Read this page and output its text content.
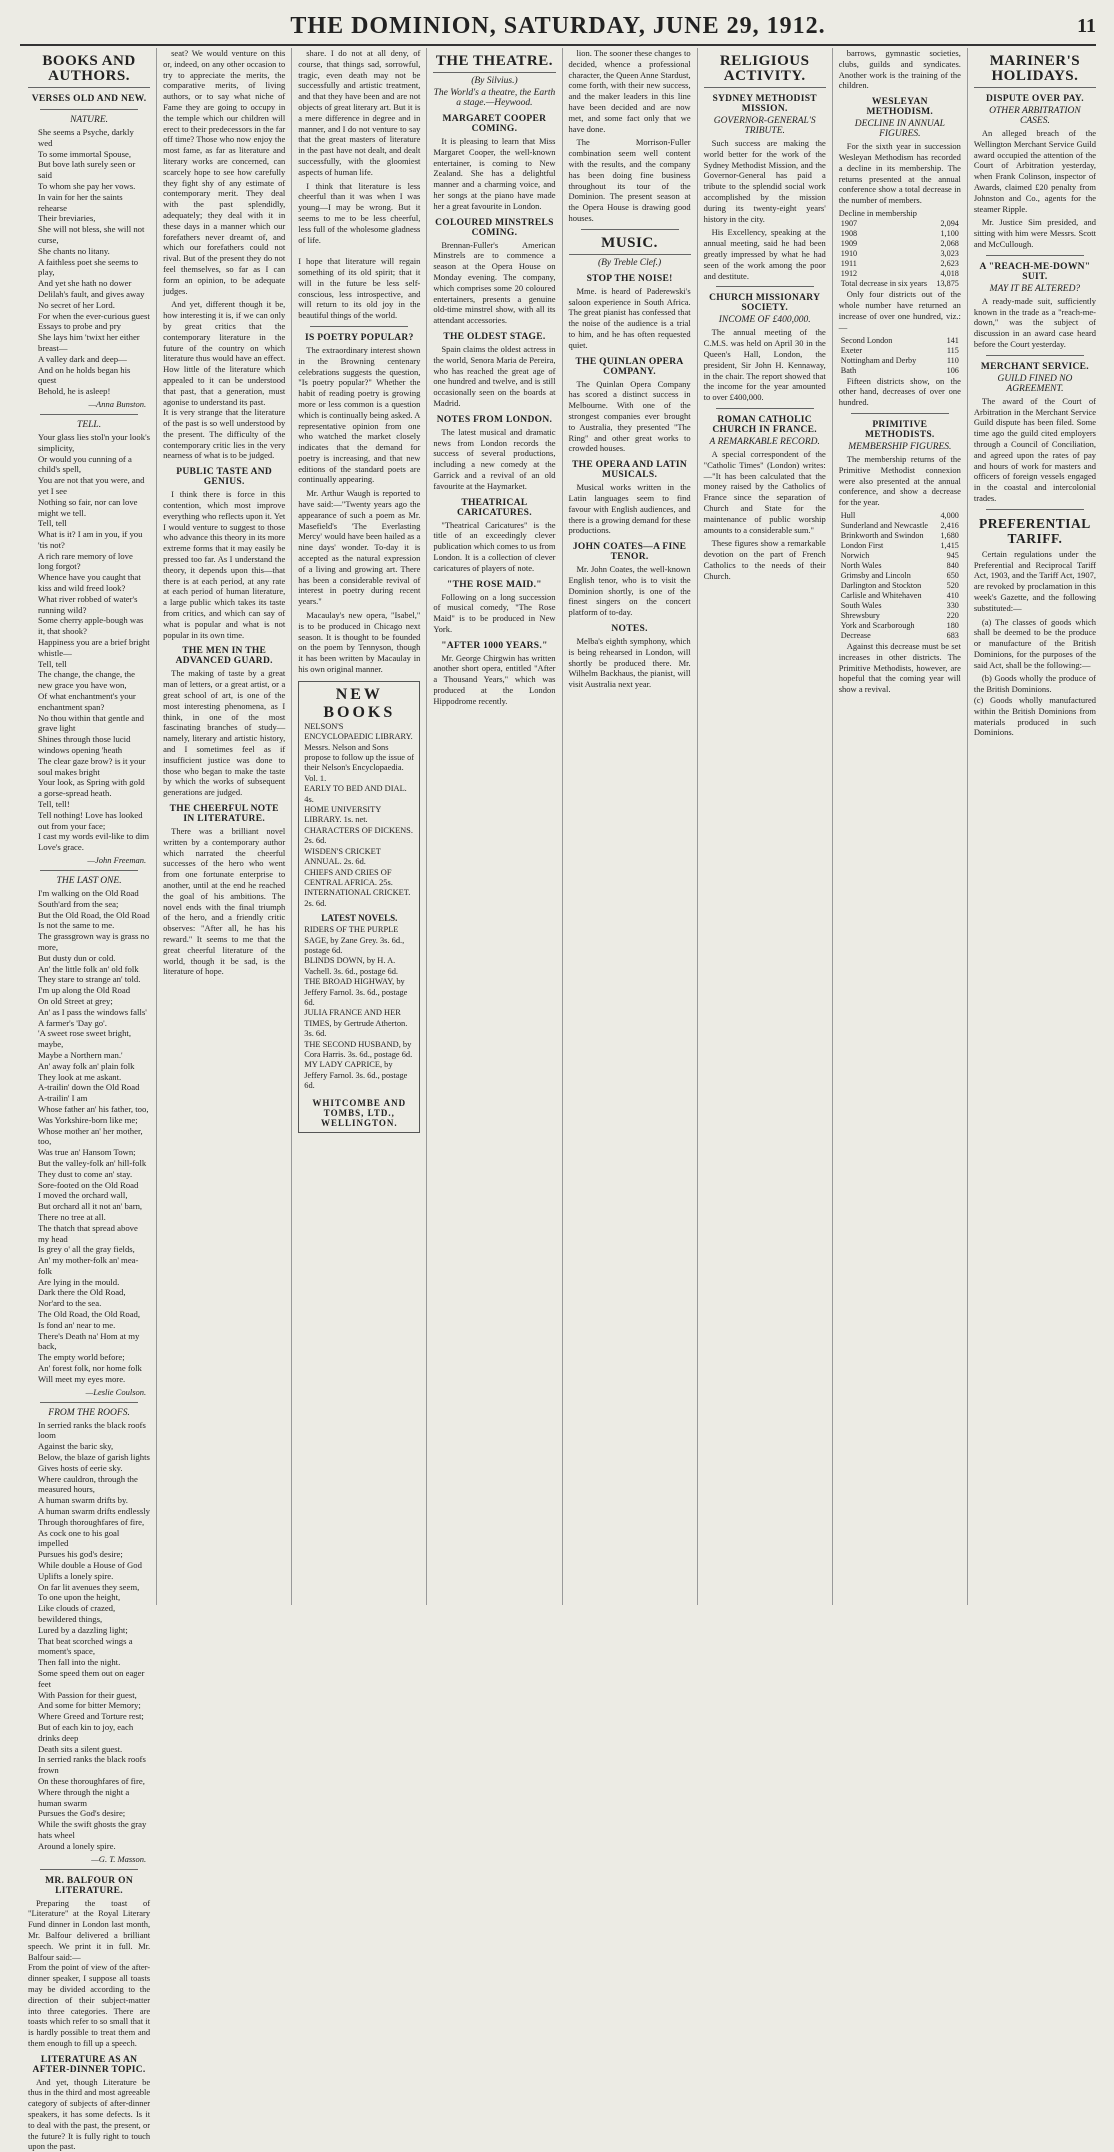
THE DOMINION, SATURDAY, JUNE 29, 1912.	11
BOOKS AND AUTHORS.
VERSES OLD AND NEW.
NATURE.
She seems a Psyche, darkly wed
To some immortal Spouse,
But bove lath surely seen or said
To whom she pay her vows.
In vain for her the saints rehearse
Their breviaries,
She will not bless, she will not curse,
She chants no litany.
A faithless poet she seems to play,
And yet she hath no dower
Delilah's fault, and gives away
No secret of her Lord.
For when the ever-curious guest
Essays to probe and pry
She lays him 'twixt her either breast—
A valley dark and deep—
And on he holds began his quest
Behold, he is asleep!
—Anna Bunston.
TELL.
Your glass lies stol'n your look's simplicity,
Or would you cunning of a child's spell,
You are not that you were, and yet I see
Nothing so fair, nor can love might we tell.
Tell, tell
What is it? I am in you, if you 'tis not?
A rich rare memory of love long forgot?
Whence have you caught that kiss and wild freed look?
What river robbed of water's running wild?
Some cherry apple-bough was it, that shook?
Happiness you are a brief bright whistle—
Tell, tell
The change, the change, the new grace you have won,
Of what enchantment's your enchantment span?
No thou within that gentle and grave light
Shines through those lucid windows opening 'heath
The clear gaze brow? is it your soul makes bright
Your look, as Spring with gold a gorse-spread heath.
Tell, tell!
Tell nothing! Love has looked out from your face;
I cast my words evil-like to dim Love's grace.
—John Freeman.
THE LAST ONE.
I'm walking on the Old Road
South'ard from the sea;
But the Old Road, the Old Road
Is not the same to me.
The grassgrown way is grass no more,
But dusty dun or cold.
An' the little folk an' old folk
They stare to strange an' told.
I'm up along the Old Road
On old Street at grey;
An' as I pass the windows falls'
A farmer's 'Day go'.
'A sweet rose sweet bright, maybe,
Maybe a Northern man.'
An' away folk an' plain folk
They look at me askant.
A-trailin' down the Old Road
A-trailin' I am
Whose father an' his father, too,
Was Yorkshire-born like me;
Whose mother an' her mother, too,
Was true an' Hansom Town;
But the valley-folk an' hill-folk
They dust to come an' stay.
Sore-footed on the Old Road
I moved the orchard wall,
But orchard all it not an' barn,
There no tree at all.
The thatch that spread above my head
Is grey o' all the gray fields,
An' my mother-folk an' mea-folk
Are lying in the mould.
Dark there the Old Road,
Nor'ard to the sea.
The Old Road, the Old Road,
Is fond an' near to me.
There's Death na' Hom at my back,
The empty world before;
An' forest folk, nor home folk
Will meet my eyes more.
—Leslie Coulson.
FROM THE ROOFS.
In serried ranks the black roofs loom
Against the baric sky,
Below, the blaze of garish lights
Gives hosts of eerie sky.
Where cauldron, through the measured hours,
A human swarm drifts by.
A human swarm drifts endlessly
Through thoroughfares of fire,
As cock one to his goal impelled
Pursues his god's desire;
While double a House of God
Uplifts a lonely spire.
On far lit avenues they seem,
To one upon the height,
Like clouds of crazed, bewildered things,
Lured by a dazzling light;
That beat scorched wings a moment's space,
Then fall into the night.
Some speed them out on eager feet
With Passion for their guest,
And some for bitter Memory;
Where Greed and Torture rest;
But of each kin to joy, each drinks deep
Death sits a silent guest.
In serried ranks the black roofs frown
On these thoroughfares of fire,
Where through the night a human swarm
Pursues the God's desire;
While the swift ghosts the gray hats wheel
Around a lonely spire.
—G. T. Masson.
MR. BALFOUR ON LITERATURE.
Preparing the toast of "Literature" at the Royal Literary Fund dinner in London last month, Mr. Balfour delivered a brilliant speech. We print it in full. Mr. Balfour said:—
From the point of view of the after-dinner speaker, I suppose all toasts may be divided according to the direction of their subject-matter into three categories. There are toasts which refer to so small that it is hardly possible to treat them and them enough to fill up a speech.
LITERATURE AS AN AFTER-DINNER TOPIC.
And yet, though Literature be thus in the third and most agreeable category of subjects of after-dinner speakers, it has some defects. Is it to deal with the past, the present, or the future? It is fully right to touch upon the past.
seat? We would venture on this or, indeed, on any other occasion to try to appreciate the merits, the comparative merits, of living authors, or to say what niche of Fame they are going to occupy in the temple which our children will erect to their predecessors in the far off time? Those who now enjoy the most fame, as far as literature and literary works are concerned, can scarcely hope to see how carefully they fight shy of any estimate of contemporary merit. They deal with the past splendidly, adequately; they deal with it in these days in a manner which our forefathers never dreamt of, and which our forefathers could not rival. But of the present they do not feel themselves, so far as I can form an opinion, to be adequate judges.
And yet, different though it be, how interesting it is, if we can only by great critics that the contemporary literature in the future of the country on which literature thus would have an effect. How little of the literature which appealed to it can be understood that past, that a generation, must agonise to understand its past.
It is very strange that the literature of the past is so well understood by the present. The difficulty of the contemporary critic lies in the very nearness of what is to be judged.
PUBLIC TASTE AND GENIUS.
I think there is force in this contention, which most improve everything who reflects upon it. Yet I would venture to suggest to those who advance this theory in its more extreme forms that it may easily be pressed too far. As I understand the theory, it depends upon this—that there is at each period, at any rate at each period of human literature, a large public which takes its taste from critics, and which can say of what is popular and what is not popular in its own time.
THE MEN IN THE ADVANCED GUARD.
The making of taste by a great man of letters, or a great artist, or a great school of art, is one of the most interesting phenomena, as I think, in one of the most fascinating branches of study—namely, literary and artistic history, and I sometimes feel as if insufficient justice was done to those who began to make the taste by which the works of subsequent generations are judged.
THE CHEERFUL NOTE IN LITERATURE.
There was a brilliant novel written by a contemporary author which narrated the cheerful successes of the hero who went from one fortunate enterprise to another, until at the end he reached the goal of his ambitions. The novel ends with the final triumph of the hero, and a friendly critic observes: "After all, he has his reward." It seems to me that the great cheerful literature of the world, though it be sad, is the literature of hope.
share. I do not at all deny, of course, that things sad, sorrowful, tragic, even death may not be successfully and artistic treatment, and that they have been and are not objects of great literary art. But it is a mere difference in degree and in manner, and I do not venture to say that the great masters of literature in the past have not dealt, and dealt successfully, with the gloomiest aspects of human life.
I think that literature is less cheerful than it was when I was young—I may be wrong. But it seems to me to be less cheerful, less full of the wholesome gladness of life.

I hope that literature will regain something of its old spirit; that it will in the future be less self-conscious, less introspective, and will return to its old joy in the beautiful things of the world.
IS POETRY POPULAR?
The extraordinary interest shown in the Browning centenary celebrations suggests the question, "Is poetry popular?" Whether the habit of reading poetry is growing more or less common is a question which is continually being asked. A representative opinion from one who watched the market closely indicates that the demand for poetry is increasing, and that new editions of the standard poets are continually appearing.
Mr. Arthur Waugh is reported to have said:—"Twenty years ago the appearance of such a poem as Mr. Masefield's 'The Everlasting Mercy' would have been hailed as a nine days' wonder. To-day it is accepted as the natural expression of a living and growing art. There has been a considerable revival of interest in poetry during recent years."
Macaulay's new opera, "Isabel," is to be produced in Chicago next season. It is thought to be founded on the poem by Tennyson, though it has been written by Macaulay in his own original manner.
NEW BOOKS
NELSON'S ENCYCLOPAEDIC LIBRARY. Messrs. Nelson and Sons propose to follow up the issue of their Nelson's Encyclopaedia. Vol. 1.
EARLY TO BED AND DIAL. 4s.
HOME UNIVERSITY LIBRARY. 1s. net.
CHARACTERS OF DICKENS. 2s. 6d.
WISDEN'S CRICKET ANNUAL. 2s. 6d.
CHIEFS AND CRIES OF CENTRAL AFRICA. 25s.
INTERNATIONAL CRICKET. 2s. 6d.
LATEST NOVELS.
RIDERS OF THE PURPLE SAGE, by Zane Grey. 3s. 6d., postage 6d.
BLINDS DOWN, by H. A. Vachell. 3s. 6d., postage 6d.
THE BROAD HIGHWAY, by Jeffery Farnol. 3s. 6d., postage 6d.
JULIA FRANCE AND HER TIMES, by Gertrude Atherton. 3s. 6d.
THE SECOND HUSBAND, by Cora Harris. 3s. 6d., postage 6d.
MY LADY CAPRICE, by Jeffery Farnol. 3s. 6d., postage 6d.
WHITCOMBE AND TOMBS, LTD., WELLINGTON.
THE THEATRE.
(By Silvius.)
The World's a theatre, the Earth a stage.—Heywood.
MARGARET COOPER COMING.
It is pleasing to learn that Miss Margaret Cooper, the well-known entertainer, is coming to New Zealand. She has a delightful manner and a charming voice, and her songs at the piano have made her a great favourite in London.
COLOURED MINSTRELS COMING.
Brennan-Fuller's American Minstrels are to commence a season at the Opera House on Monday evening. The company, which comprises some 20 coloured entertainers, presents a genuine old-time minstrel show, with all its attendant accessories.
THE OLDEST STAGE.
Spain claims the oldest actress in the world, Senora Maria de Pereira, who has reached the great age of one hundred and twelve, and is still occasionally seen on the boards at Madrid.
NOTES FROM LONDON.
The latest musical and dramatic news from London records the success of several productions, including a new comedy at the Garrick and a revival of an old favourite at the Haymarket.
THEATRICAL CARICATURES.
"Theatrical Caricatures" is the title of an exceedingly clever publication which comes to us from London. It is a collection of clever caricatures of players of note.
"THE ROSE MAID."
Following on a long succession of musical comedy, "The Rose Maid" is to be produced in New York.
"AFTER 1000 YEARS."
Mr. George Chirgwin has written another short opera, entitled "After a Thousand Years," which was produced at the London Hippodrome recently.
lion. The sooner these changes to decided, whence a professional character, the Queen Anne Stardust, come forth, with their new success, and the maker leaders in this line have been decided and are now met, and some fact only that we have done.
The Morrison-Fuller combination seem well content with the results, and the company has been doing fine business throughout its tour of the Dominion. The present season at the Opera House is drawing good houses.
MUSIC.
(By Treble Clef.)
STOP THE NOISE!
Mme. is heard of Paderewski's saloon experience in South Africa. The great pianist has confessed that the noise of the audience is a trial to him, and he has often requested quiet.
THE QUINLAN OPERA COMPANY.
The Quinlan Opera Company has scored a distinct success in Melbourne. With one of the strongest companies ever brought to Australia, they presented "The Ring" and other great works to crowded houses.
THE OPERA AND LATIN MUSICALS.
Musical works written in the Latin languages seem to find favour with English audiences, and there is a growing demand for these productions.
JOHN COATES—A FINE TENOR.
Mr. John Coates, the well-known English tenor, who is to visit the Dominion shortly, is one of the finest singers on the concert platform of to-day.
NOTES.
Melba's eighth symphony, which is being rehearsed in London, will shortly be produced there. Mr. Wilhelm Backhaus, the pianist, will visit Australia next year.
RELIGIOUS ACTIVITY.
SYDNEY METHODIST MISSION.
GOVERNOR-GENERAL'S TRIBUTE.
Such success are making the world better for the work of the Sydney Methodist Mission, and the Governor-General has paid a tribute to the splendid social work accomplished by the mission during its twenty-eight years' history in the city.
His Excellency, speaking at the annual meeting, said he had been greatly impressed by what he had seen of the work among the poor and destitute.
CHURCH MISSIONARY SOCIETY.
INCOME OF £400,000.
The annual meeting of the C.M.S. was held on April 30 in the Queen's Hall, London, the president, Sir John H. Kennaway, in the chair. The report showed that the income for the year amounted to over £400,000.
ROMAN CATHOLIC CHURCH IN FRANCE.
A REMARKABLE RECORD.
A special correspondent of the "Catholic Times" (London) writes:—"It has been calculated that the money raised by the Catholics of France since the separation of Church and State for the maintenance of public worship amounts to a considerable sum."
These figures show a remarkable devotion on the part of French Catholics to the needs of their Church.
barrows, gymnastic societies, clubs, guilds and syndicates. Another work is the training of the children.
WESLEYAN METHODISM.
DECLINE IN ANNUAL FIGURES.
For the sixth year in succession Wesleyan Methodism has recorded a decline in its membership. The returns presented at the annual conference show a total decrease in the number of members.
Decline in membership
1907	2,094
1908	1,100
1909	2,068
1910	3,023
1911	2,623
1912	4,018
Total decrease in six years	13,875
Only four districts out of the whole number have returned an increase of over one hundred, viz.:—
Second London	141
Exeter	115
Nottingham and Derby	110
Bath	106
Fifteen districts show, on the other hand, decreases of over one hundred.
PRIMITIVE METHODISTS.
MEMBERSHIP FIGURES.
The membership returns of the Primitive Methodist connexion were also presented at the annual conference, and show a decrease for the year.
Hull	4,000
Sunderland and Newcastle	2,416
Brinkworth and Swindon	1,680
London First	1,415
Norwich	945
North Wales	840
Grimsby and Lincoln	650
Darlington and Stockton	520
Carlisle and Whitehaven	410
South Wales	330
Shrewsbury	220
York and Scarborough	180
Decrease	683
Against this decrease must be set increases in other districts. The Primitive Methodists, however, are hopeful that the coming year will show a revival.
MARINER'S HOLIDAYS.
DISPUTE OVER PAY.
OTHER ARBITRATION CASES.
An alleged breach of the Wellington Merchant Service Guild award occupied the attention of the Court of Arbitration yesterday, when Frank Colinson, inspector of Awards, claimed £20 penalty from Johnston and Co., agents for the steamer Ripple.
Mr. Justice Sim presided, and sitting with him were Messrs. Scott and McCullough.
A "REACH-ME-DOWN" SUIT.
MAY IT BE ALTERED?
A ready-made suit, sufficiently known in the trade as a "reach-me-down," was the subject of discussion in an award case heard before the Court yesterday.
MERCHANT SERVICE.
GUILD FINED NO AGREEMENT.
The award of the Court of Arbitration in the Merchant Service Guild dispute has been filed. Some time ago the guild cited employers through a Council of Conciliation, and agreed upon the rates of pay and hours of work for masters and officers of foreign vessels engaged in the coastal and intercolonial trades.
PREFERENTIAL TARIFF.
Certain regulations under the Preferential and Reciprocal Tariff Act, 1903, and the Tariff Act, 1907, are revoked by proclamation in this week's Gazette, and the following substituted:—
(a) The classes of goods which shall be deemed to be the produce or manufacture of the British Dominions, for the purposes of the said Act, shall be the following:—
(b) Goods wholly the produce of the British Dominions.
(c) Goods wholly manufactured within the British Dominions from materials produced in such Dominions.
